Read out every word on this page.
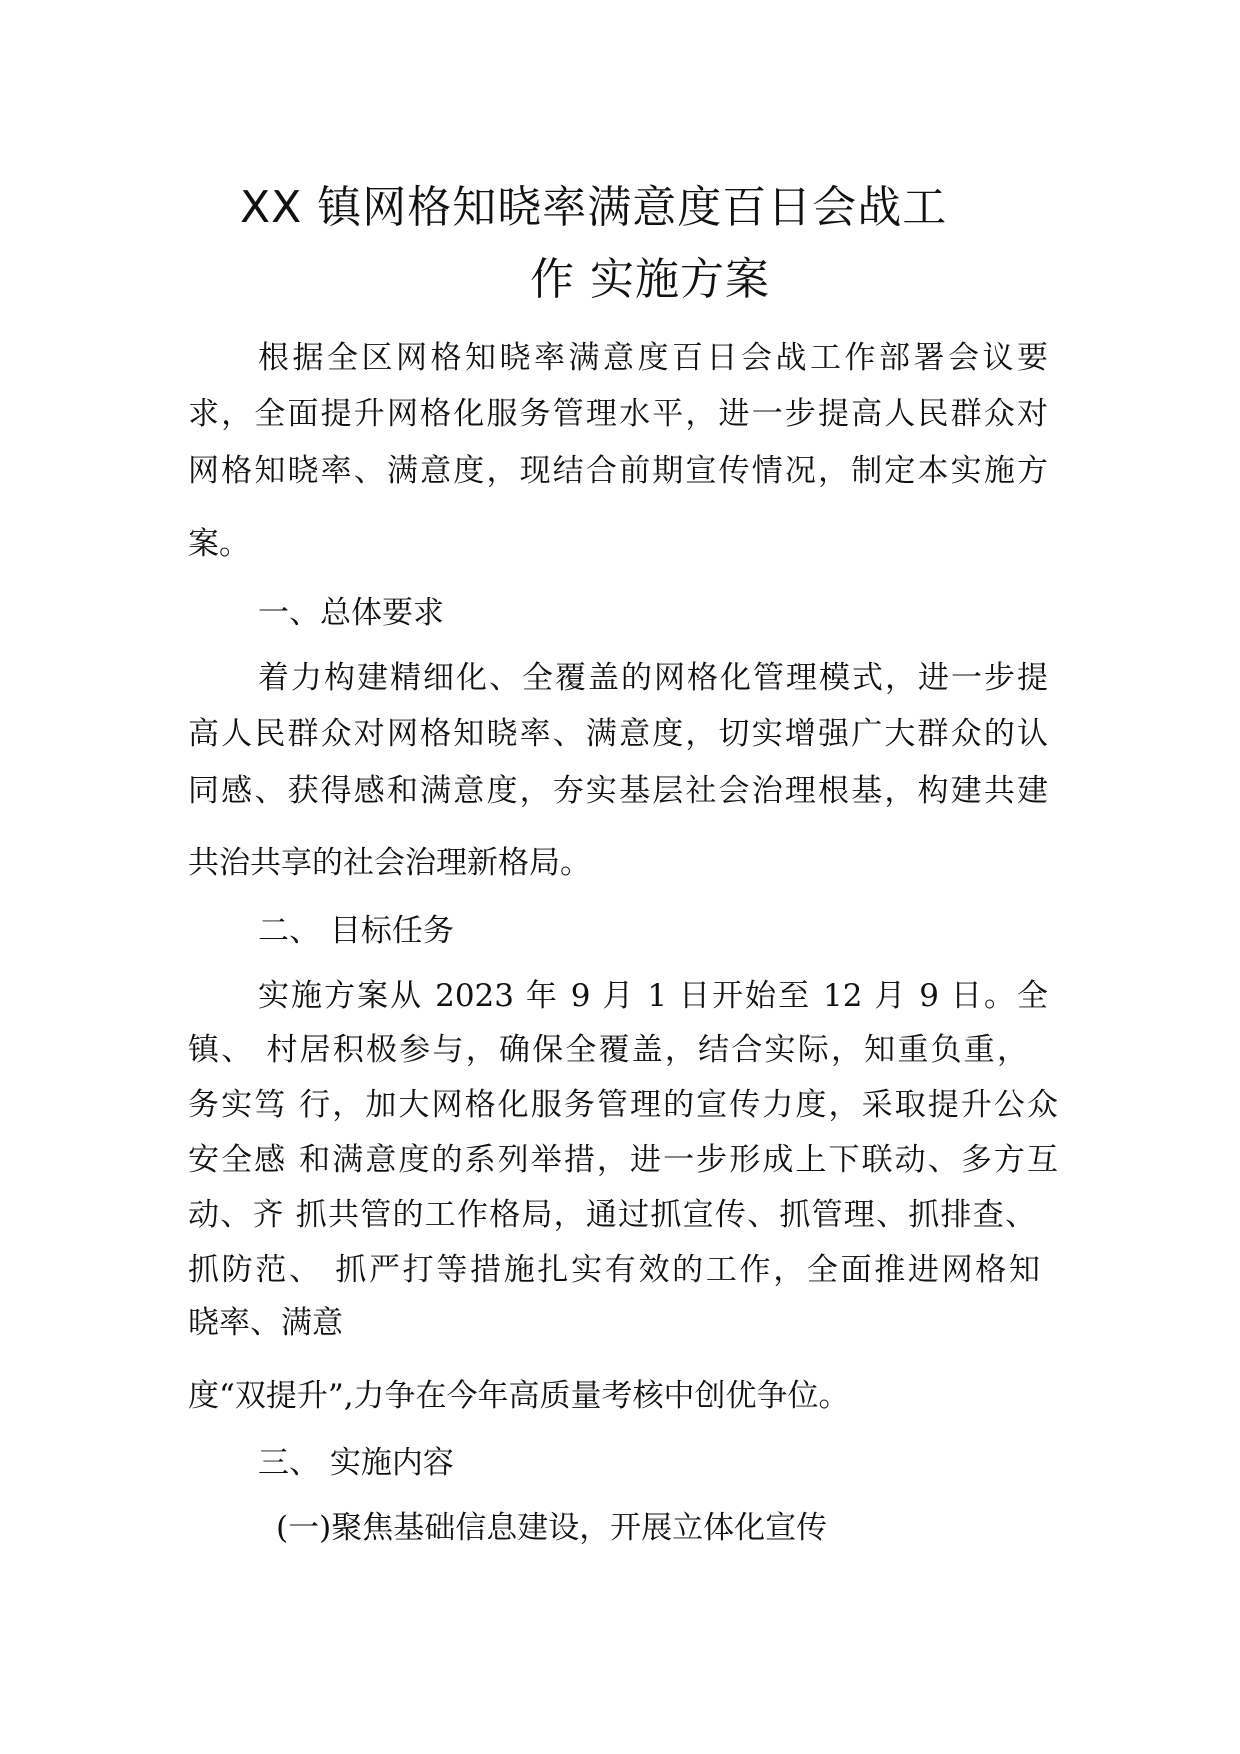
XX 镇网格知晓率满意度百日会战工
作 实施方案
根据全区网格知晓率满意度百日会战工作部署会议要
求，全面提升网格化服务管理水平，进一步提高人民群众对
网格知晓率、满意度，现结合前期宣传情况，制定本实施方
案。
一、总体要求
着力构建精细化、全覆盖的网格化管理模式，进一步提
高人民群众对网格知晓率、满意度，切实增强广大群众的认
同感、获得感和满意度，夯实基层社会治理根基，构建共建
共治共享的社会治理新格局。
二、 目标任务
实施方案从 2023 年 9 月 1 日开始至 12 月 9 日。全
镇、 村居积极参与，确保全覆盖，结合实际，知重负重，
务实笃 行，加大网格化服务管理的宣传力度，采取提升公众
安全感 和满意度的系列举措，进一步形成上下联动、多方互
动、齐 抓共管的工作格局，通过抓宣传、抓管理、抓排查、
抓防范、 抓严打等措施扎实有效的工作，全面推进网格知
晓率、满意
度“双提升”,力争在今年高质量考核中创优争位。
三、 实施内容
(一)聚焦基础信息建设，开展立体化宣传
